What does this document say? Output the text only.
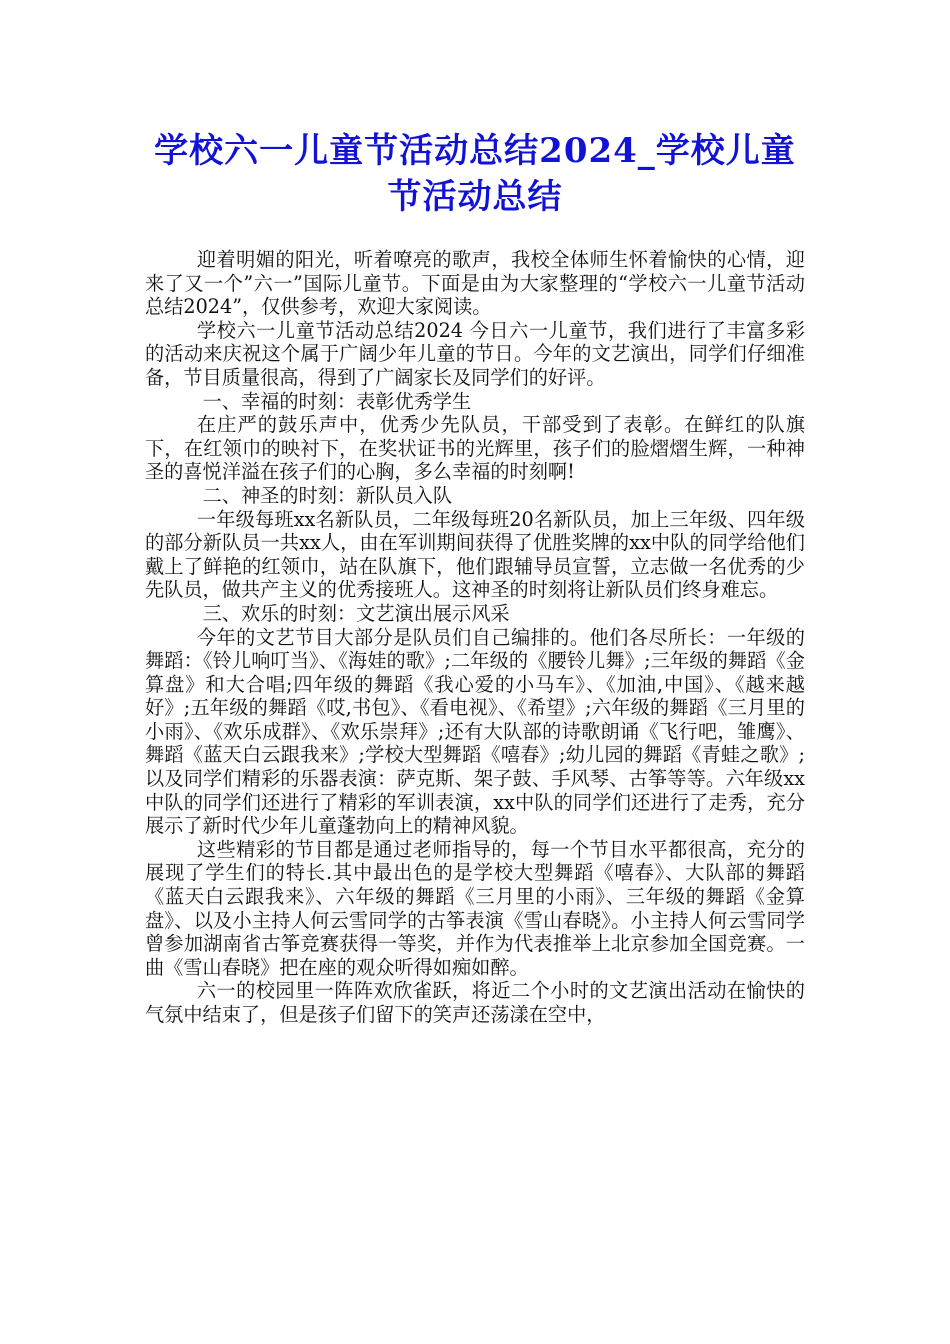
学校六一儿童节活动总结2024_学校儿童节活动总结

迎着明媚的阳光，听着嘹亮的歌声，我校全体师生怀着愉快的心情，迎来了又一个”六一”国际儿童节。下面是由为大家整理的“学校六一儿童节活动总结2024”，仅供参考，欢迎大家阅读。

学校六一儿童节活动总结2024 今日六一儿童节，我们进行了丰富多彩的活动来庆祝这个属于广阔少年儿童的节日。今年的文艺演出，同学们仔细准备，节目质量很高，得到了广阔家长及同学们的好评。

一、幸福的时刻：表彰优秀学生

在庄严的鼓乐声中，优秀少先队员，干部受到了表彰。在鲜红的队旗下，在红领巾的映衬下，在奖状证书的光辉里，孩子们的脸熠熠生辉，一种神圣的喜悦洋溢在孩子们的心胸，多么幸福的时刻啊!

二、神圣的时刻：新队员入队

一年级每班xx名新队员，二年级每班20名新队员，加上三年级、四年级的部分新队员一共xx人，由在军训期间获得了优胜奖牌的xx中队的同学给他们戴上了鲜艳的红领巾，站在队旗下，他们跟辅导员宣誓，立志做一名优秀的少先队员，做共产主义的优秀接班人。这神圣的时刻将让新队员们终身难忘。

三、欢乐的时刻：文艺演出展示风采

今年的文艺节目大部分是队员们自己编排的。他们各尽所长：一年级的舞蹈：《铃儿响叮当》、《海娃的歌》;二年级的《腰铃儿舞》;三年级的舞蹈《金算盘》和大合唱;四年级的舞蹈《我心爱的小马车》、《加油,中国》、《越来越好》;五年级的舞蹈《哎,书包》、《看电视》、《希望》;六年级的舞蹈《三月里的小雨》、《欢乐成群》、《欢乐崇拜》;还有大队部的诗歌朗诵《飞行吧，雏鹰》、舞蹈《蓝天白云跟我来》;学校大型舞蹈《嘻春》;幼儿园的舞蹈《青蛙之歌》;以及同学们精彩的乐器表演：萨克斯、架子鼓、手风琴、古筝等等。六年级xx中队的同学们还进行了精彩的军训表演，xx中队的同学们还进行了走秀，充分展示了新时代少年儿童蓬勃向上的精神风貌。

这些精彩的节目都是通过老师指导的，每一个节目水平都很高，充分的展现了学生们的特长.其中最出色的是学校大型舞蹈《嘻春》、大队部的舞蹈《蓝天白云跟我来》、六年级的舞蹈《三月里的小雨》、三年级的舞蹈《金算盘》、以及小主持人何云雪同学的古筝表演《雪山春晓》。小主持人何云雪同学曾参加湖南省古筝竞赛获得一等奖，并作为代表推举上北京参加全国竞赛。一曲《雪山春晓》把在座的观众听得如痴如醉。

六一的校园里一阵阵欢欣雀跃，将近二个小时的文艺演出活动在愉快的气氛中结束了，但是孩子们留下的笑声还荡漾在空中，
